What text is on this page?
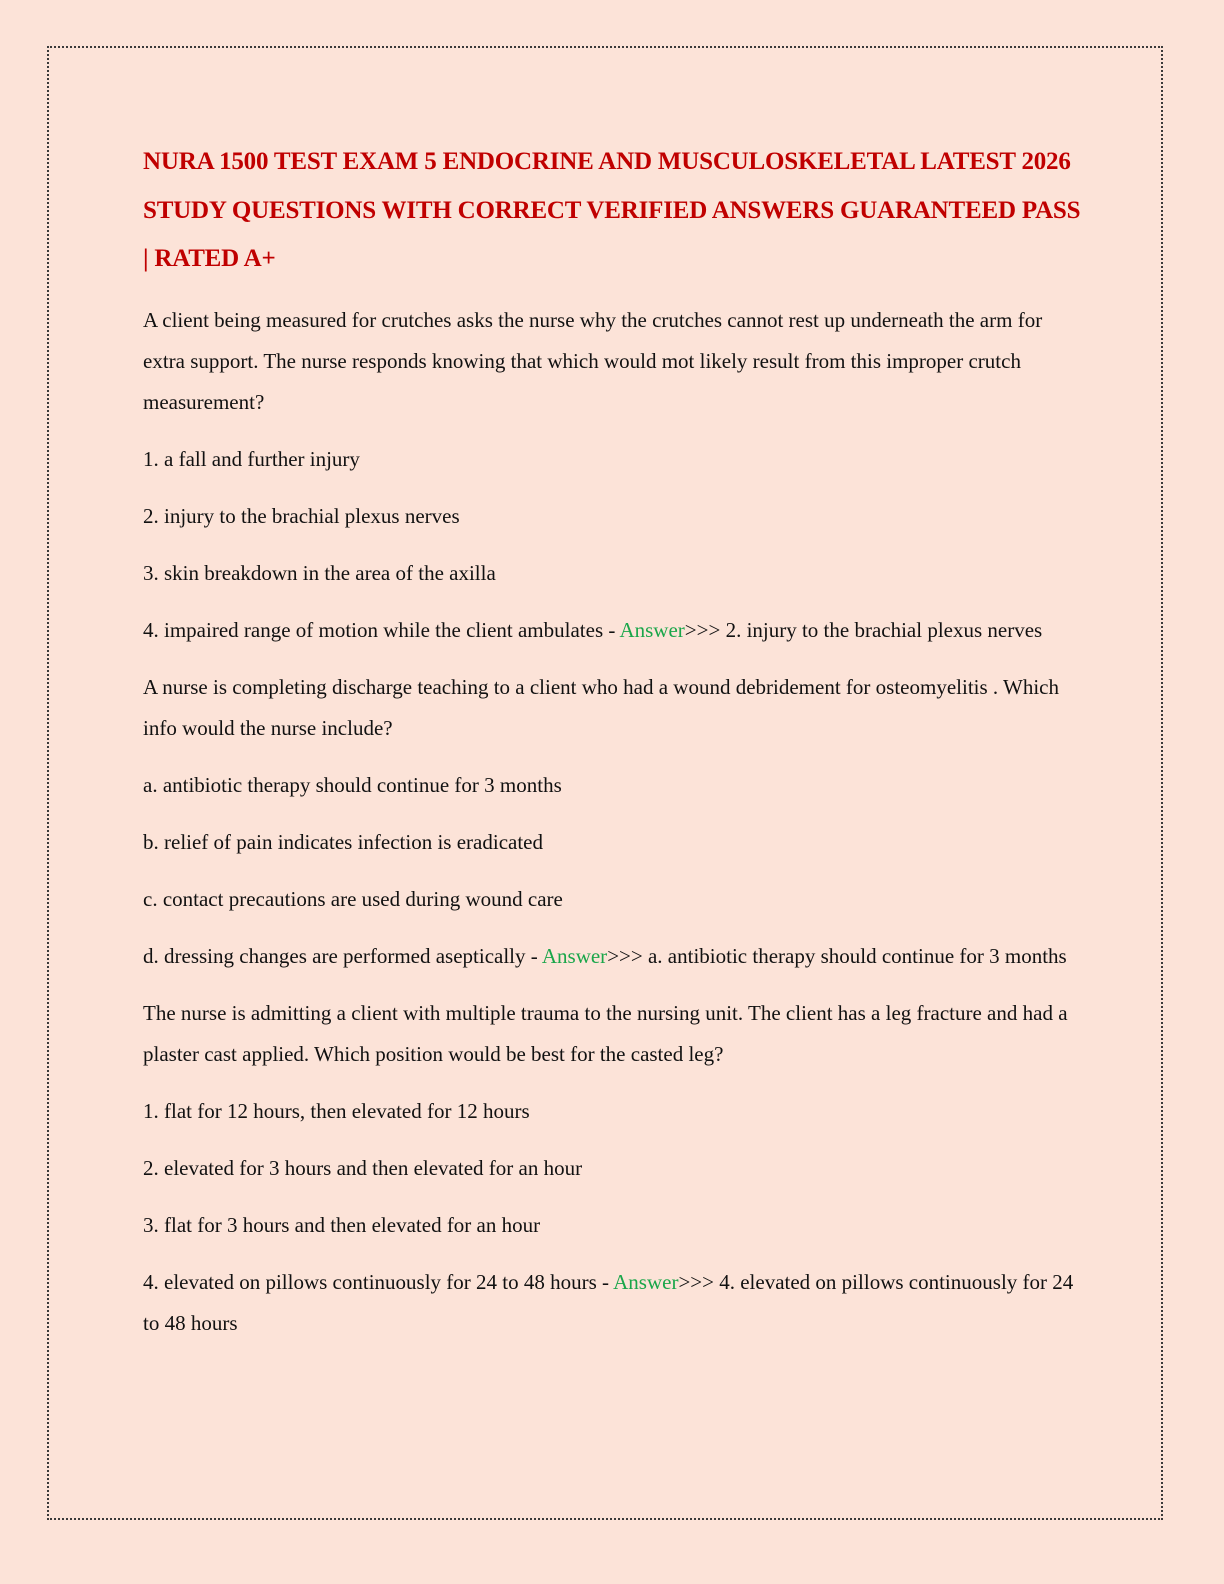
NURA 1500 TEST EXAM 5 ENDOCRINE AND MUSCULOSKELETAL LATEST 2026 STUDY QUESTIONS WITH CORRECT VERIFIED ANSWERS GUARANTEED PASS | RATED A+

A client being measured for crutches asks the nurse why the crutches cannot rest up underneath the arm for extra support. The nurse responds knowing that which would mot likely result from this improper crutch measurement?

1. a fall and further injury

2. injury to the brachial plexus nerves

3. skin breakdown in the area of the axilla

4. impaired range of motion while the client ambulates - Answer>>> 2. injury to the brachial plexus nerves

A nurse is completing discharge teaching to a client who had a wound debridement for osteomyelitis . Which info would the nurse include?

a. antibiotic therapy should continue for 3 months

b. relief of pain indicates infection is eradicated

c. contact precautions are used during wound care

d. dressing changes are performed aseptically - Answer>>> a. antibiotic therapy should continue for 3 months

The nurse is admitting a client with multiple trauma to the nursing unit. The client has a leg fracture and had a plaster cast applied. Which position would be best for the casted leg?

1. flat for 12 hours, then elevated for 12 hours

2. elevated for 3 hours and then elevated for an hour

3. flat for 3 hours and then elevated for an hour

4. elevated on pillows continuously for 24 to 48 hours - Answer>>> 4. elevated on pillows continuously for 24 to 48 hours
